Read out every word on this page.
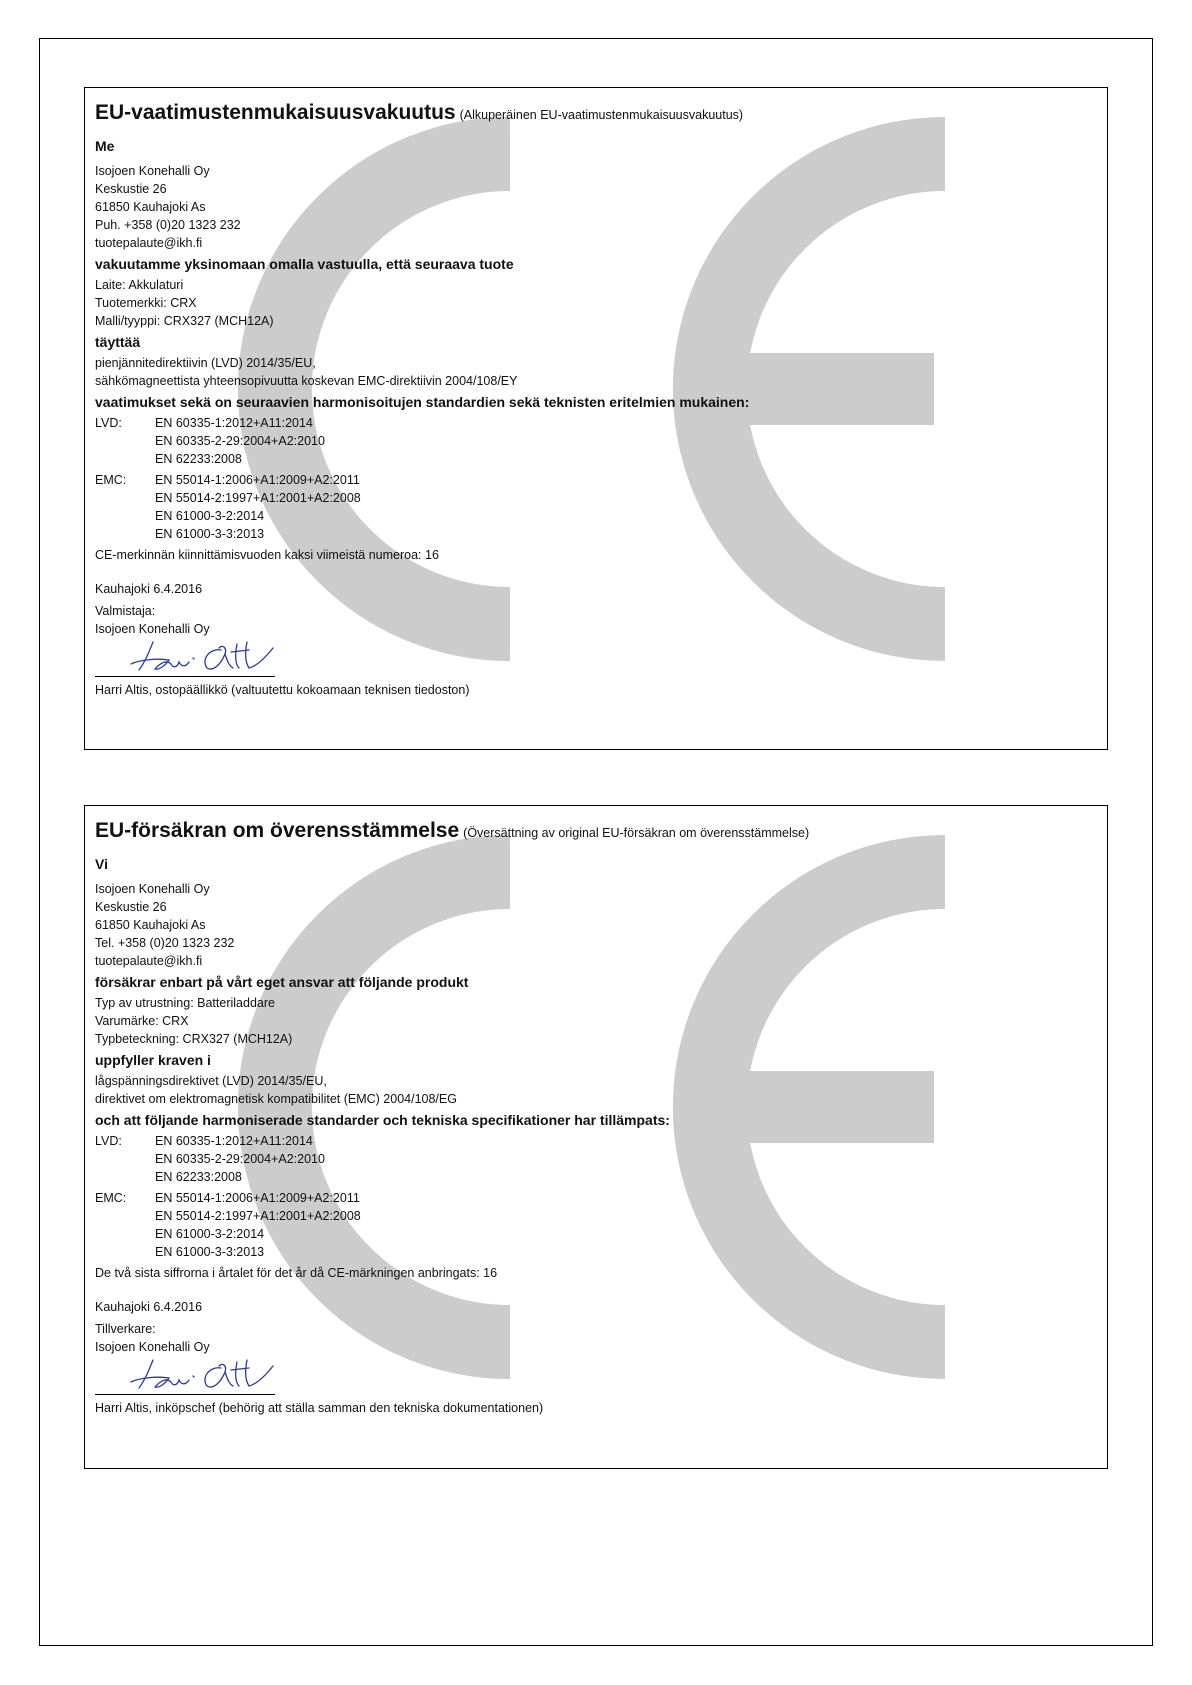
EU-vaatimustenmukaisuusvakuutus (Alkuperäinen EU-vaatimustenmukaisuusvakuutus)
Me
Isojoen Konehalli Oy
Keskustie 26
61850 Kauhajoki As
Puh. +358 (0)20 1323 232
tuotepalaute@ikh.fi
vakuutamme yksinomaan omalla vastuulla, että seuraava tuote
Laite: Akkulaturi
Tuotemerkki: CRX
Malli/tyyppi: CRX327 (MCH12A)
täyttää
pienjännitedirektiivin (LVD) 2014/35/EU,
sähkömagneettista yhteensopivuutta koskevan EMC-direktiivin 2004/108/EY
vaatimukset sekä on seuraavien harmonisoitujen standardien sekä teknisten eritelmien mukainen:
LVD:	EN 60335-1:2012+A11:2014
EN 60335-2-29:2004+A2:2010
EN 62233:2008
EMC:	EN 55014-1:2006+A1:2009+A2:2011
EN 55014-2:1997+A1:2001+A2:2008
EN 61000-3-2:2014
EN 61000-3-3:2013
CE-merkinnän kiinnittämisvuoden kaksi viimeistä numeroa: 16
Kauhajoki 6.4.2016
Valmistaja:
Isojoen Konehalli Oy
Harri Altis, ostopäällikkö (valtuutettu kokoamaan teknisen tiedoston)
EU-försäkran om överensstämmelse (Översättning av original EU-försäkran om överensstämmelse)
Vi
Isojoen Konehalli Oy
Keskustie 26
61850 Kauhajoki As
Tel. +358 (0)20 1323 232
tuotepalaute@ikh.fi
försäkrar enbart på vårt eget ansvar att följande produkt
Typ av utrustning: Batteriladdare
Varumärke: CRX
Typbeteckning: CRX327 (MCH12A)
uppfyller kraven i
lågspänningsdirektivet (LVD) 2014/35/EU,
direktivet om elektromagnetisk kompatibilitet (EMC) 2004/108/EG
och att följande harmoniserade standarder och tekniska specifikationer har tillämpats:
LVD:	EN 60335-1:2012+A11:2014
EN 60335-2-29:2004+A2:2010
EN 62233:2008
EMC:	EN 55014-1:2006+A1:2009+A2:2011
EN 55014-2:1997+A1:2001+A2:2008
EN 61000-3-2:2014
EN 61000-3-3:2013
De två sista siffrorna i årtalet för det år då CE-märkningen anbringats: 16
Kauhajoki 6.4.2016
Tillverkare:
Isojoen Konehalli Oy
Harri Altis, inköpschef (behörig att ställa samman den tekniska dokumentationen)
